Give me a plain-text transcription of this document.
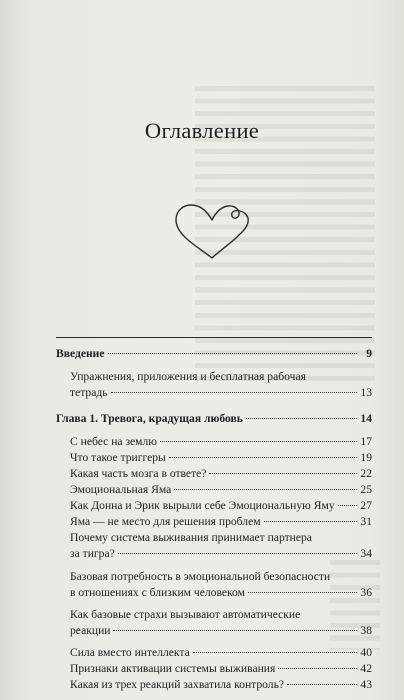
Оглавление
Введение	9
Упражнения, приложения и бесплатная рабочая
тетрадь	13
Глава 1. Тревога, крадущая любовь	14
С небес на землю	17
Что такое триггеры	19
Какая часть мозга в ответе?	22
Эмоциональная Яма	25
Как Донна и Эрик вырыли себе Эмоциональную Яму 27
Яма — не место для решения проблем	31
Почему система выживания принимает партнера
за тигра?	34
Базовая потребность в эмоциональной безопасности
в отношениях с близким человеком	36
Как базовые страхи вызывают автоматические
реакции	38
Сила вместо интеллекта	40
Признаки активации системы выживания	42
Какая из трех реакций захватила контроль?	43
